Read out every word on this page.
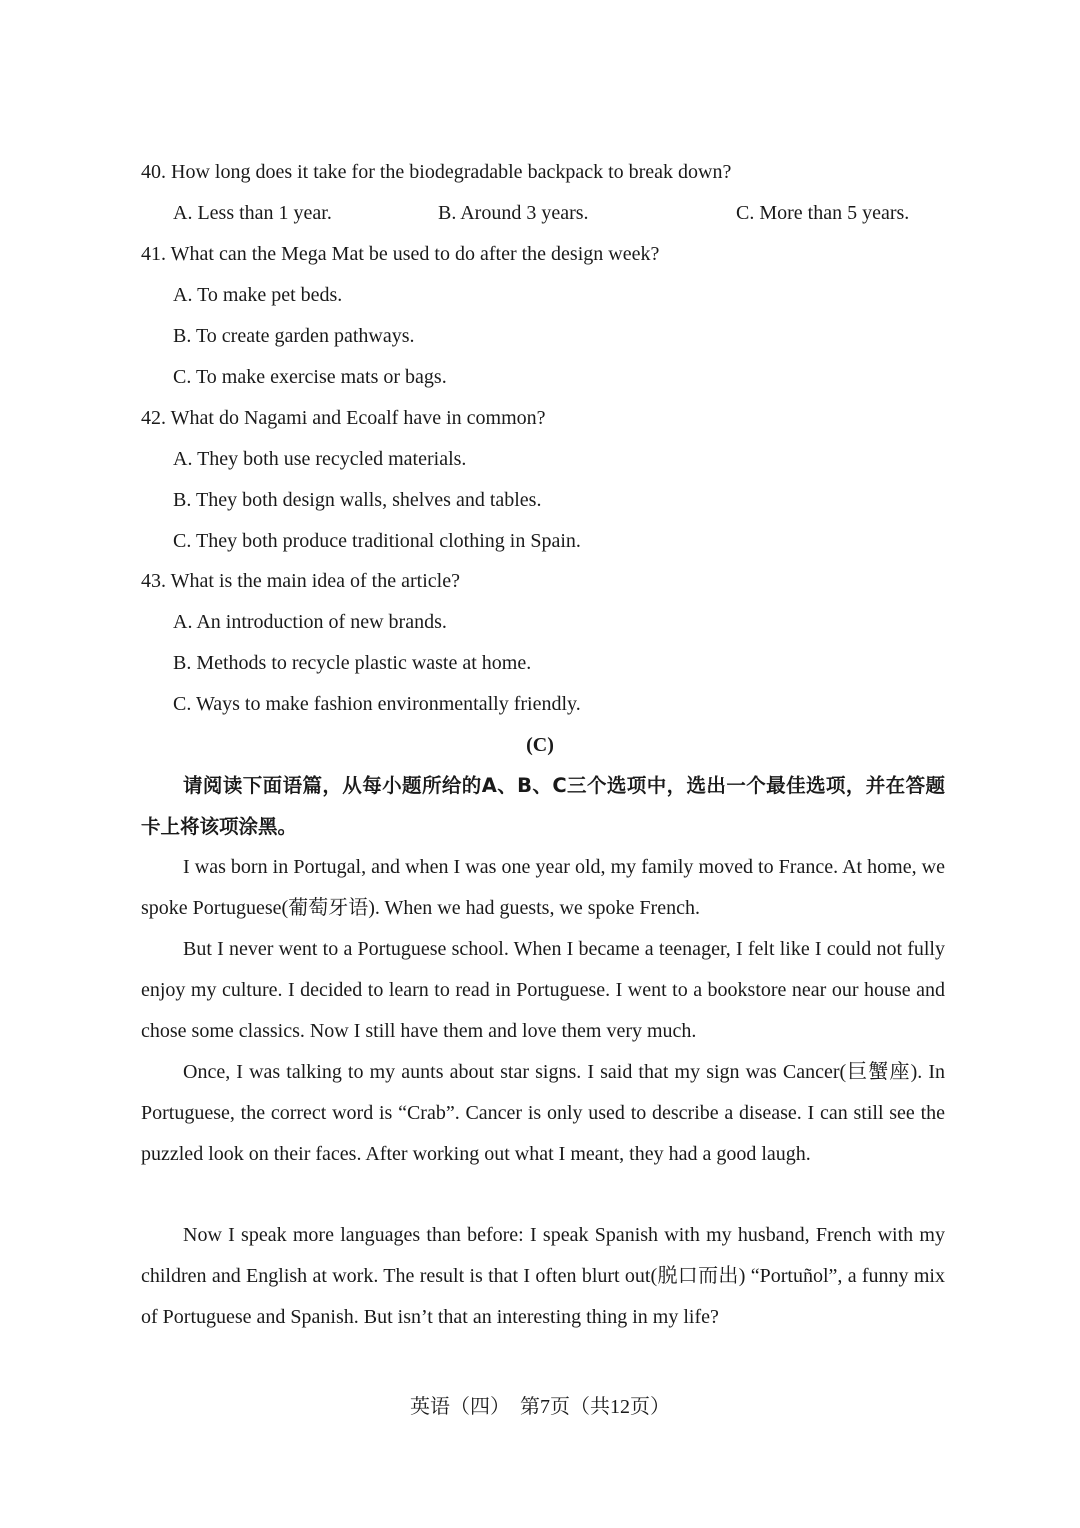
40. How long does it take for the biodegradable backpack to break down?
A. Less than 1 year.	B. Around 3 years.	C. More than 5 years.
41. What can the Mega Mat be used to do after the design week?
A. To make pet beds.
B. To create garden pathways.
C. To make exercise mats or bags.
42. What do Nagami and Ecoalf have in common?
A. They both use recycled materials.
B. They both design walls, shelves and tables.
C. They both produce traditional clothing in Spain.
43. What is the main idea of the article?
A. An introduction of new brands.
B. Methods to recycle plastic waste at home.
C. Ways to make fashion environmentally friendly.
(C)

请阅读下面语篇，从每小题所给的A、B、C三个选项中，选出一个最佳选项，并在答题卡上将该项涂黑。

I was born in Portugal, and when I was one year old, my family moved to France. At home, we spoke Portuguese(葡萄牙语). When we had guests, we spoke French.

But I never went to a Portuguese school. When I became a teenager, I felt like I could not fully enjoy my culture. I decided to learn to read in Portuguese. I went to a bookstore near our house and chose some classics. Now I still have them and love them very much.

Once, I was talking to my aunts about star signs. I said that my sign was Cancer(巨蟹座). In Portuguese, the correct word is “Crab”. Cancer is only used to describe a disease. I can still see the puzzled look on their faces. After working out what I meant, they had a good laugh.

Now I speak more languages than before: I speak Spanish with my husband, French with my children and English at work. The result is that I often blurt out(脱口而出) “Portuñol”, a funny mix of Portuguese and Spanish. But isn’t that an interesting thing in my life?

英语（四）　第7页（共12页）
